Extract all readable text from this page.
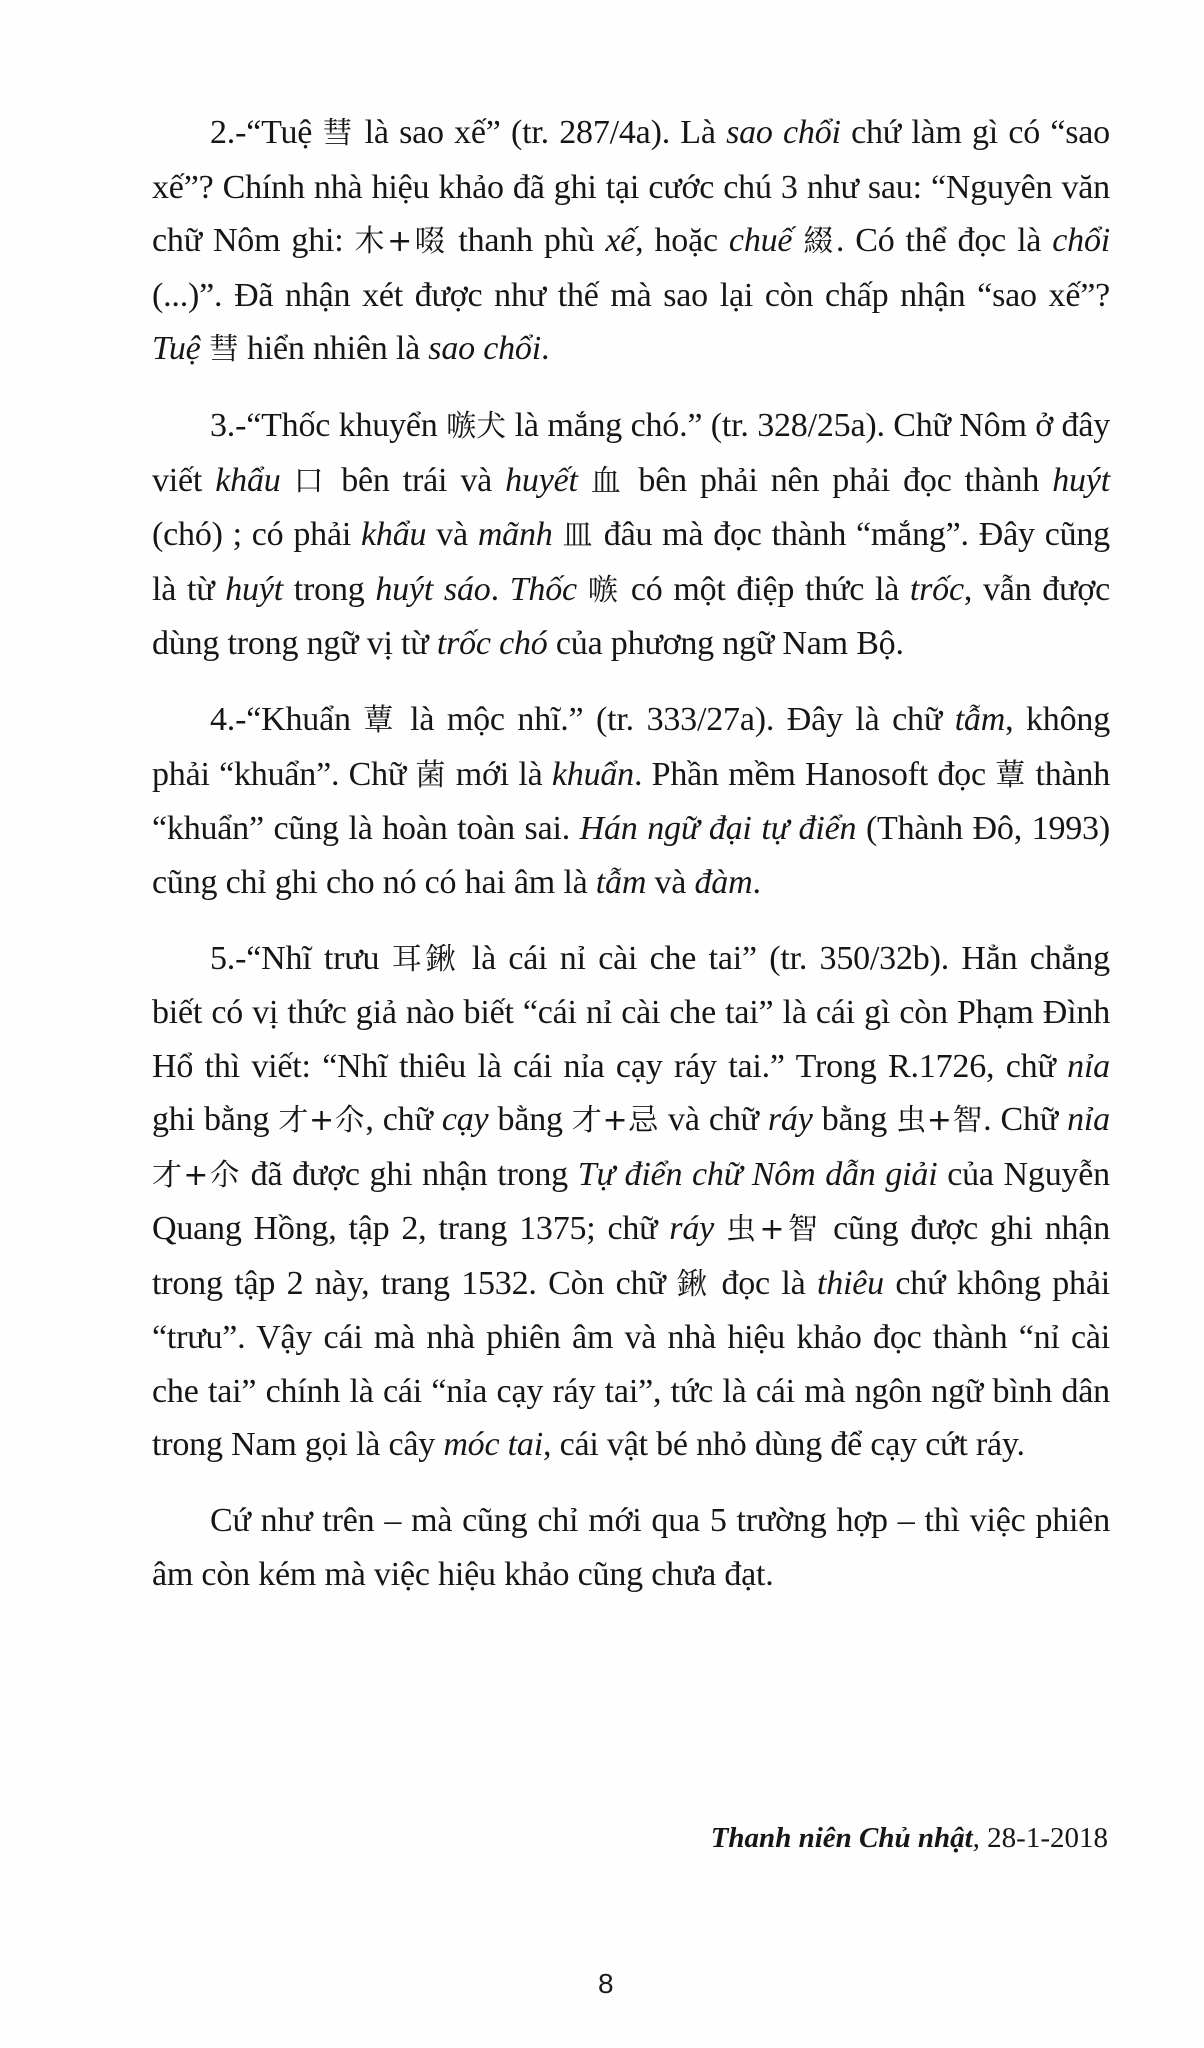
2.-“Tuệ 彗 là sao xế” (tr. 287/4a). Là sao chổi chứ làm gì có “sao xế”? Chính nhà hiệu khảo đã ghi tại cước chú 3 như sau: “Nguyên văn chữ Nôm ghi: 木+啜 thanh phù xế, hoặc chuế 綴. Có thể đọc là chổi (...)”. Đã nhận xét được như thế mà sao lại còn chấp nhận “sao xế”? Tuệ 彗 hiển nhiên là sao chổi.

3.-“Thốc khuyển 嗾犬 là mắng chó.” (tr. 328/25a). Chữ Nôm ở đây viết khẩu 口 bên trái và huyết 血 bên phải nên phải đọc thành huýt (chó) ; có phải khẩu và mãnh 皿 đâu mà đọc thành “mắng”. Đây cũng là từ huýt trong huýt sáo. Thốc 嗾 có một điệp thức là trốc, vẫn được dùng trong ngữ vị từ trốc chó của phương ngữ Nam Bộ.

4.-“Khuẩn 蕈 là mộc nhĩ.” (tr. 333/27a). Đây là chữ tẫm, không phải “khuẩn”. Chữ 菌 mới là khuẩn. Phần mềm Hanosoft đọc 蕈 thành “khuẩn” cũng là hoàn toàn sai. Hán ngữ đại tự điển (Thành Đô, 1993) cũng chỉ ghi cho nó có hai âm là tẫm và đàm.

5.-“Nhĩ trưu 耳鍬 là cái nỉ cài che tai” (tr. 350/32b). Hẳn chẳng biết có vị thức giả nào biết “cái nỉ cài che tai” là cái gì còn Phạm Đình Hổ thì viết: “Nhĩ thiêu là cái nỉa cạy ráy tai.” Trong R.1726, chữ nỉa ghi bằng 才+尒, chữ cạy bằng 才+忌 và chữ ráy bằng 虫+智. Chữ nỉa 才+尒 đã được ghi nhận trong Tự điển chữ Nôm dẫn giải của Nguyễn Quang Hồng, tập 2, trang 1375; chữ ráy 虫+智 cũng được ghi nhận trong tập 2 này, trang 1532. Còn chữ 鍬 đọc là thiêu chứ không phải “trưu”. Vậy cái mà nhà phiên âm và nhà hiệu khảo đọc thành “nỉ cài che tai” chính là cái “nỉa cạy ráy tai”, tức là cái mà ngôn ngữ bình dân trong Nam gọi là cây móc tai, cái vật bé nhỏ dùng để cạy cứt ráy.

Cứ như trên – mà cũng chỉ mới qua 5 trường hợp – thì việc phiên âm còn kém mà việc hiệu khảo cũng chưa đạt.

Thanh niên Chủ nhật, 28-1-2018
8
